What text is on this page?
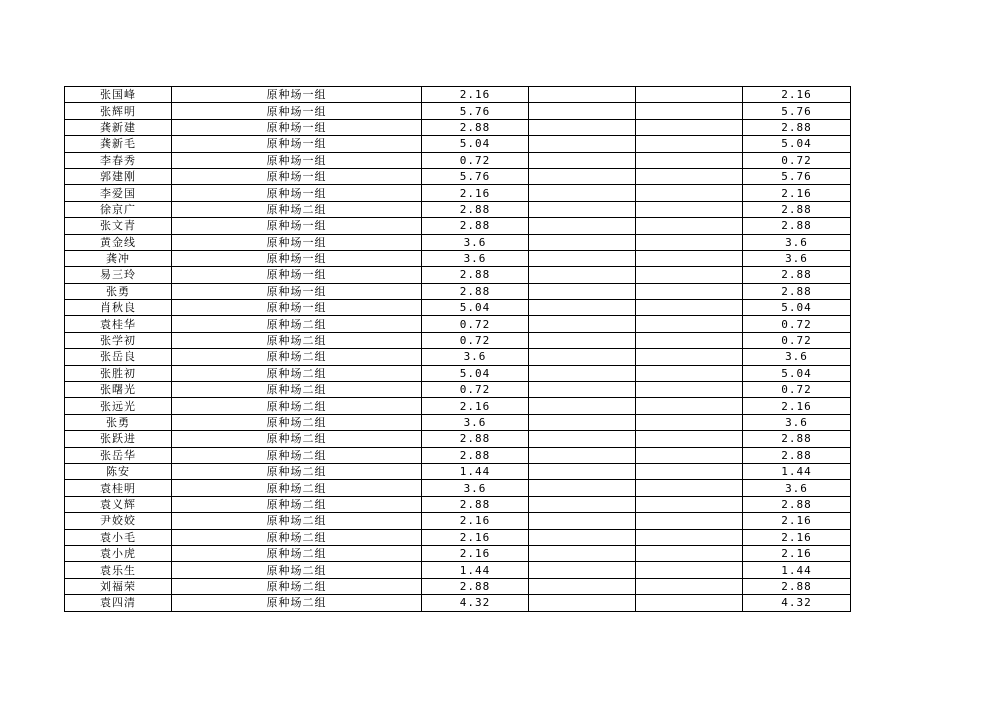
张国峰	原种场一组	2.16			2.16
张辉明	原种场一组	5.76			5.76
龚新建	原种场一组	2.88			2.88
龚新毛	原种场一组	5.04			5.04
李春秀	原种场一组	0.72			0.72
郭建刚	原种场一组	5.76			5.76
李爱国	原种场一组	2.16			2.16
徐京广	原种场二组	2.88			2.88
张文青	原种场一组	2.88			2.88
黄金线	原种场一组	3.6			3.6
龚冲	原种场一组	3.6			3.6
易三玲	原种场一组	2.88			2.88
张勇	原种场一组	2.88			2.88
肖秋良	原种场一组	5.04			5.04
袁桂华	原种场二组	0.72			0.72
张学初	原种场二组	0.72			0.72
张岳良	原种场二组	3.6			3.6
张胜初	原种场二组	5.04			5.04
张曙光	原种场二组	0.72			0.72
张远光	原种场二组	2.16			2.16
张勇	原种场二组	3.6			3.6
张跃进	原种场二组	2.88			2.88
张岳华	原种场二组	2.88			2.88
陈安	原种场二组	1.44			1.44
袁桂明	原种场二组	3.6			3.6
袁义辉	原种场二组	2.88			2.88
尹姣姣	原种场二组	2.16			2.16
袁小毛	原种场二组	2.16			2.16
袁小虎	原种场二组	2.16			2.16
袁乐生	原种场二组	1.44			1.44
刘福荣	原种场二组	2.88			2.88
袁四清	原种场二组	4.32			4.32
